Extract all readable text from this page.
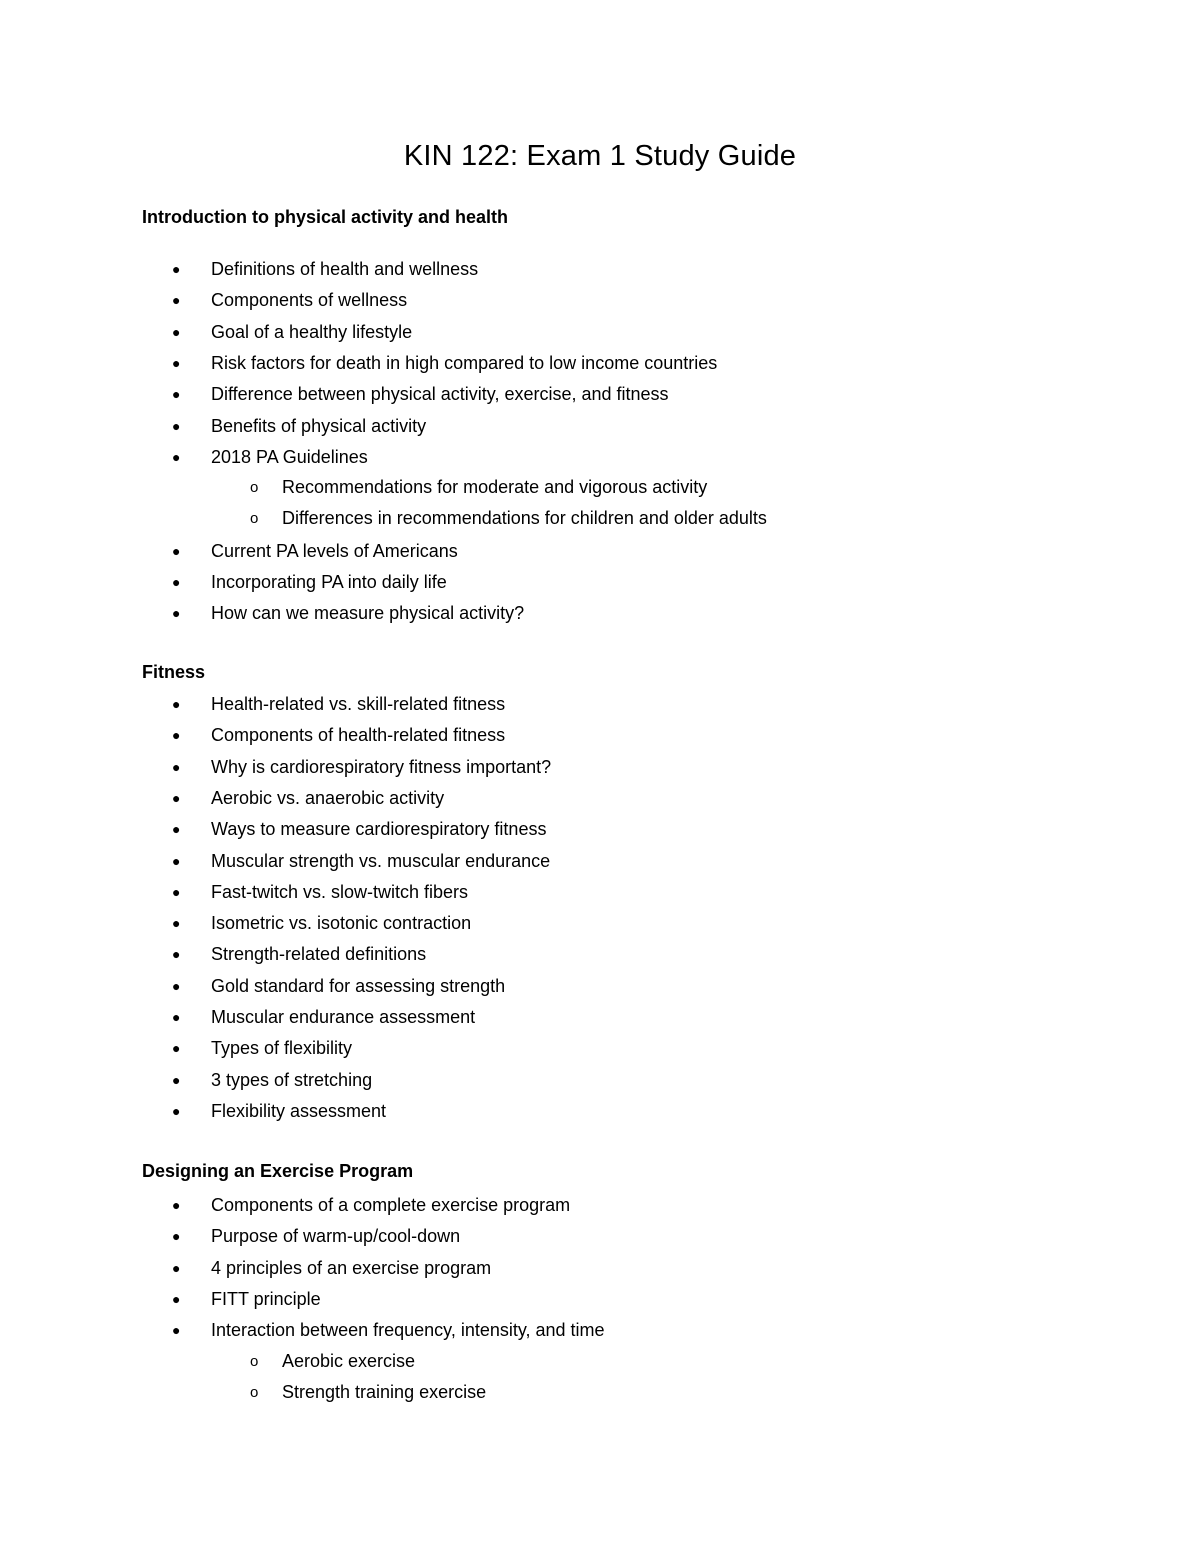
KIN 122: Exam 1 Study Guide
Introduction to physical activity and health
● Definitions of health and wellness
● Components of wellness
● Goal of a healthy lifestyle
● Risk factors for death in high compared to low income countries
● Difference between physical activity, exercise, and fitness
● Benefits of physical activity
● 2018 PA Guidelines
o Recommendations for moderate and vigorous activity
o Differences in recommendations for children and older adults
● Current PA levels of Americans
● Incorporating PA into daily life
● How can we measure physical activity?
Fitness
● Health-related vs. skill-related fitness
● Components of health-related fitness
● Why is cardiorespiratory fitness important?
● Aerobic vs. anaerobic activity
● Ways to measure cardiorespiratory fitness
● Muscular strength vs. muscular endurance
● Fast-twitch vs. slow-twitch fibers
● Isometric vs. isotonic contraction
● Strength-related definitions
● Gold standard for assessing strength
● Muscular endurance assessment
● Types of flexibility
● 3 types of stretching
● Flexibility assessment
Designing an Exercise Program
● Components of a complete exercise program
● Purpose of warm-up/cool-down
● 4 principles of an exercise program
● FITT principle
● Interaction between frequency, intensity, and time
o Aerobic exercise
o Strength training exercise
